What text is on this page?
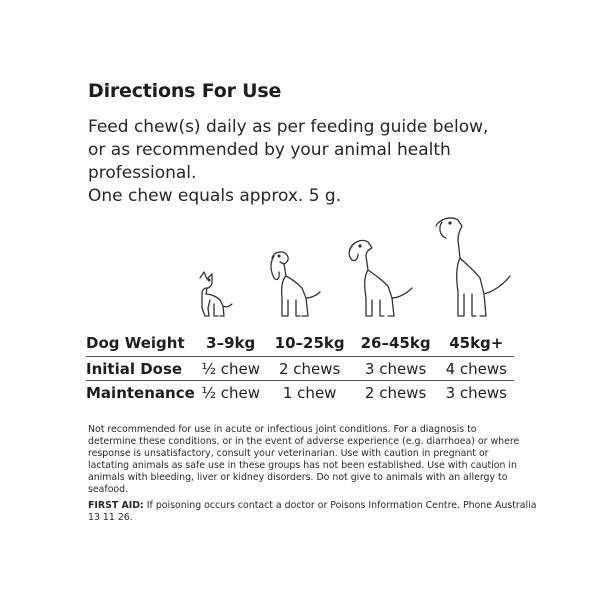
Directions For Use
Feed chew(s) daily as per feeding guide below,
or as recommended by your animal health
professional.
One chew equals approx. 5 g.
Dog Weight	3–9kg	10–25kg	26–45kg	45kg+
Initial Dose	½ chew	2 chews	3 chews	4 chews
Maintenance	½ chew	1 chew	2 chews	3 chews
Not recommended for use in acute or infectious joint conditions. For a diagnosis to
determine these conditions, or in the event of adverse experience (e.g. diarrhoea) or where
response is unsatisfactory, consult your veterinarian. Use with caution in pregnant or
lactating animals as safe use in these groups has not been established. Use with caution in
animals with bleeding, liver or kidney disorders. Do not give to animals with an allergy to
seafood.
FIRST AID: If poisoning occurs contact a doctor or Poisons Information Centre. Phone Australia
13 11 26.
